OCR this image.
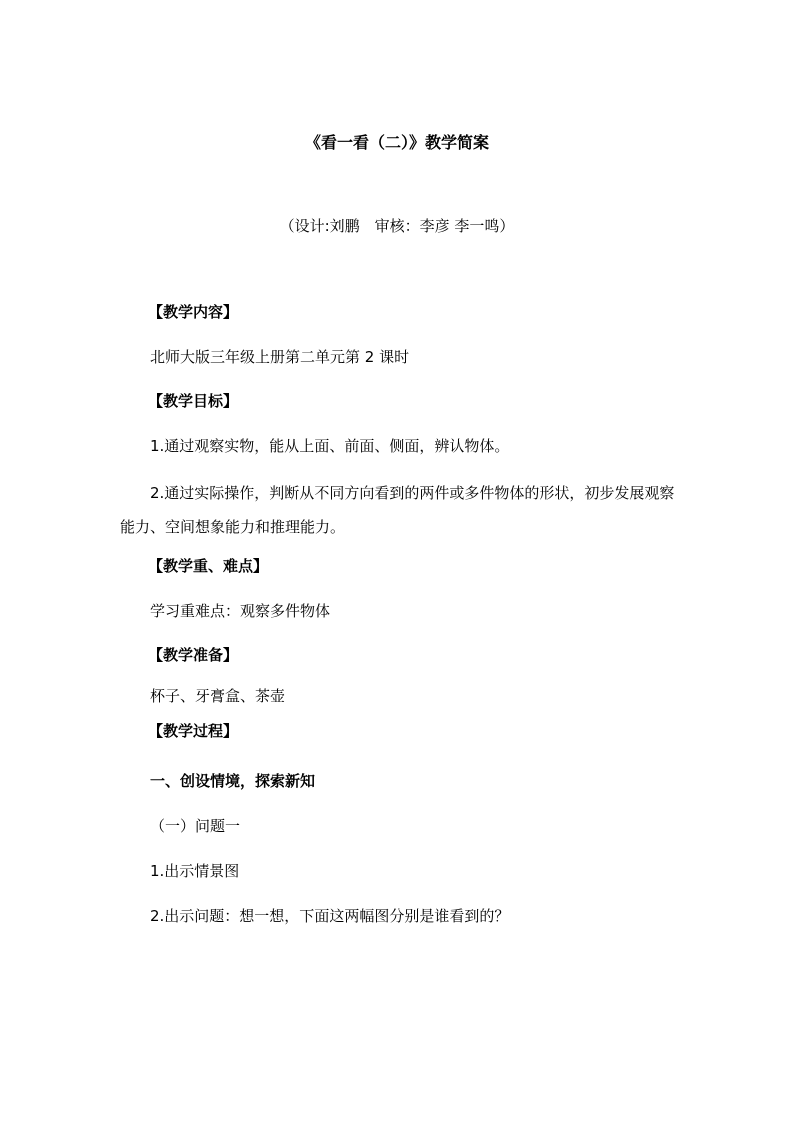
《看一看（二）》教学简案
（设计:刘鹏　审核：李彦 李一鸣）
【教学内容】
北师大版三年级上册第二单元第 2 课时
【教学目标】
1.通过观察实物，能从上面、前面、侧面，辨认物体。
2.通过实际操作，判断从不同方向看到的两件或多件物体的形状，初步发展观察能力、空间想象能力和推理能力。
【教学重、难点】
学习重难点：观察多件物体
【教学准备】
杯子、牙膏盒、茶壶
【教学过程】
一、创设情境，探索新知
（一）问题一
1.出示情景图
2.出示问题：想一想，下面这两幅图分别是谁看到的？
